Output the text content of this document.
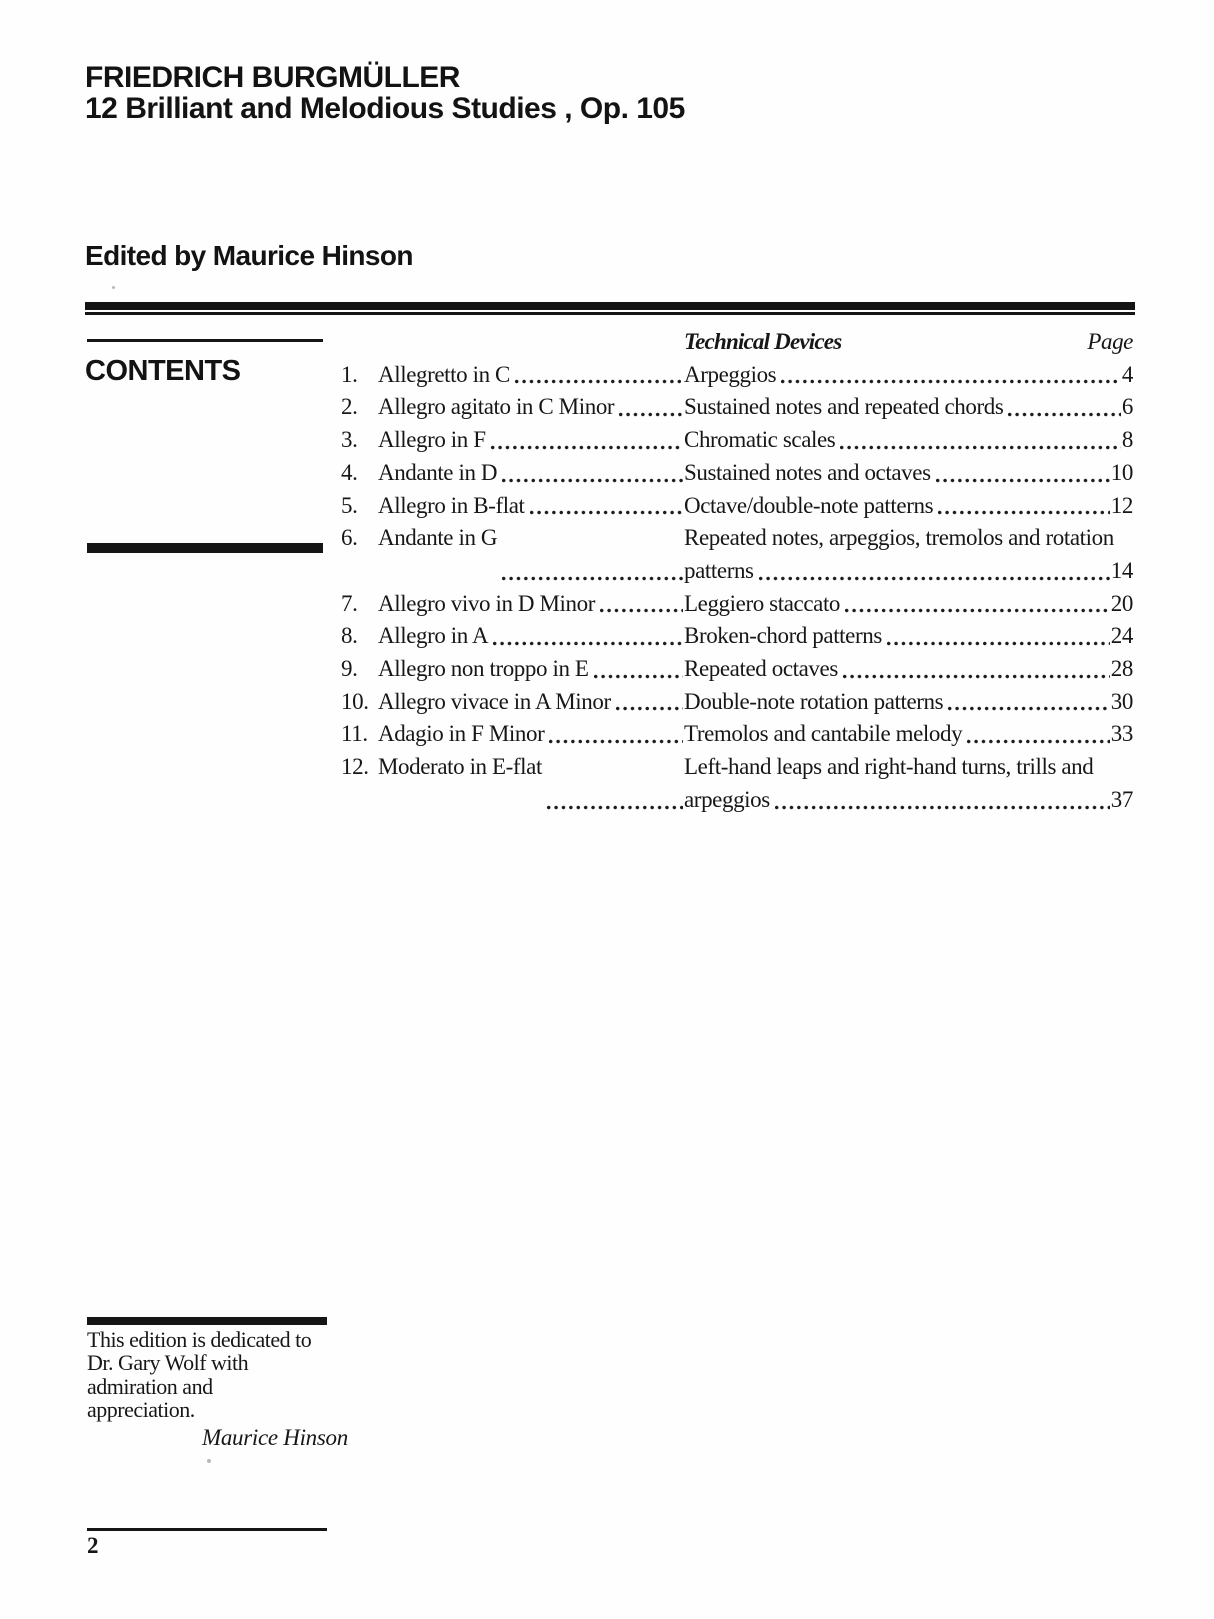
FRIEDRICH BURGMÜLLER
12 Brilliant and Melodious Studies , Op. 105
Edited by Maurice Hinson
CONTENTS
Technical Devices	Page
1. Allegretto in C	Arpeggios	4
2. Allegro agitato in C Minor	Sustained notes and repeated chords	6
3. Allegro in F	Chromatic scales	8
4. Andante in D	Sustained notes and octaves	10
5. Allegro in B-flat	Octave/double-note patterns	12
6. Andante in G	Repeated notes, arpeggios, tremolos and rotation
patterns	14
7. Allegro vivo in D Minor	Leggiero staccato	20
8. Allegro in A	Broken-chord patterns	24
9. Allegro non troppo in E	Repeated octaves	28
10. Allegro vivace in A Minor	Double-note rotation patterns	30
11. Adagio in F Minor	Tremolos and cantabile melody	33
12. Moderato in E-flat	Left-hand leaps and right-hand turns, trills and
arpeggios	37
This edition is dedicated to
Dr. Gary Wolf with
admiration and
appreciation.
Maurice Hinson
2
